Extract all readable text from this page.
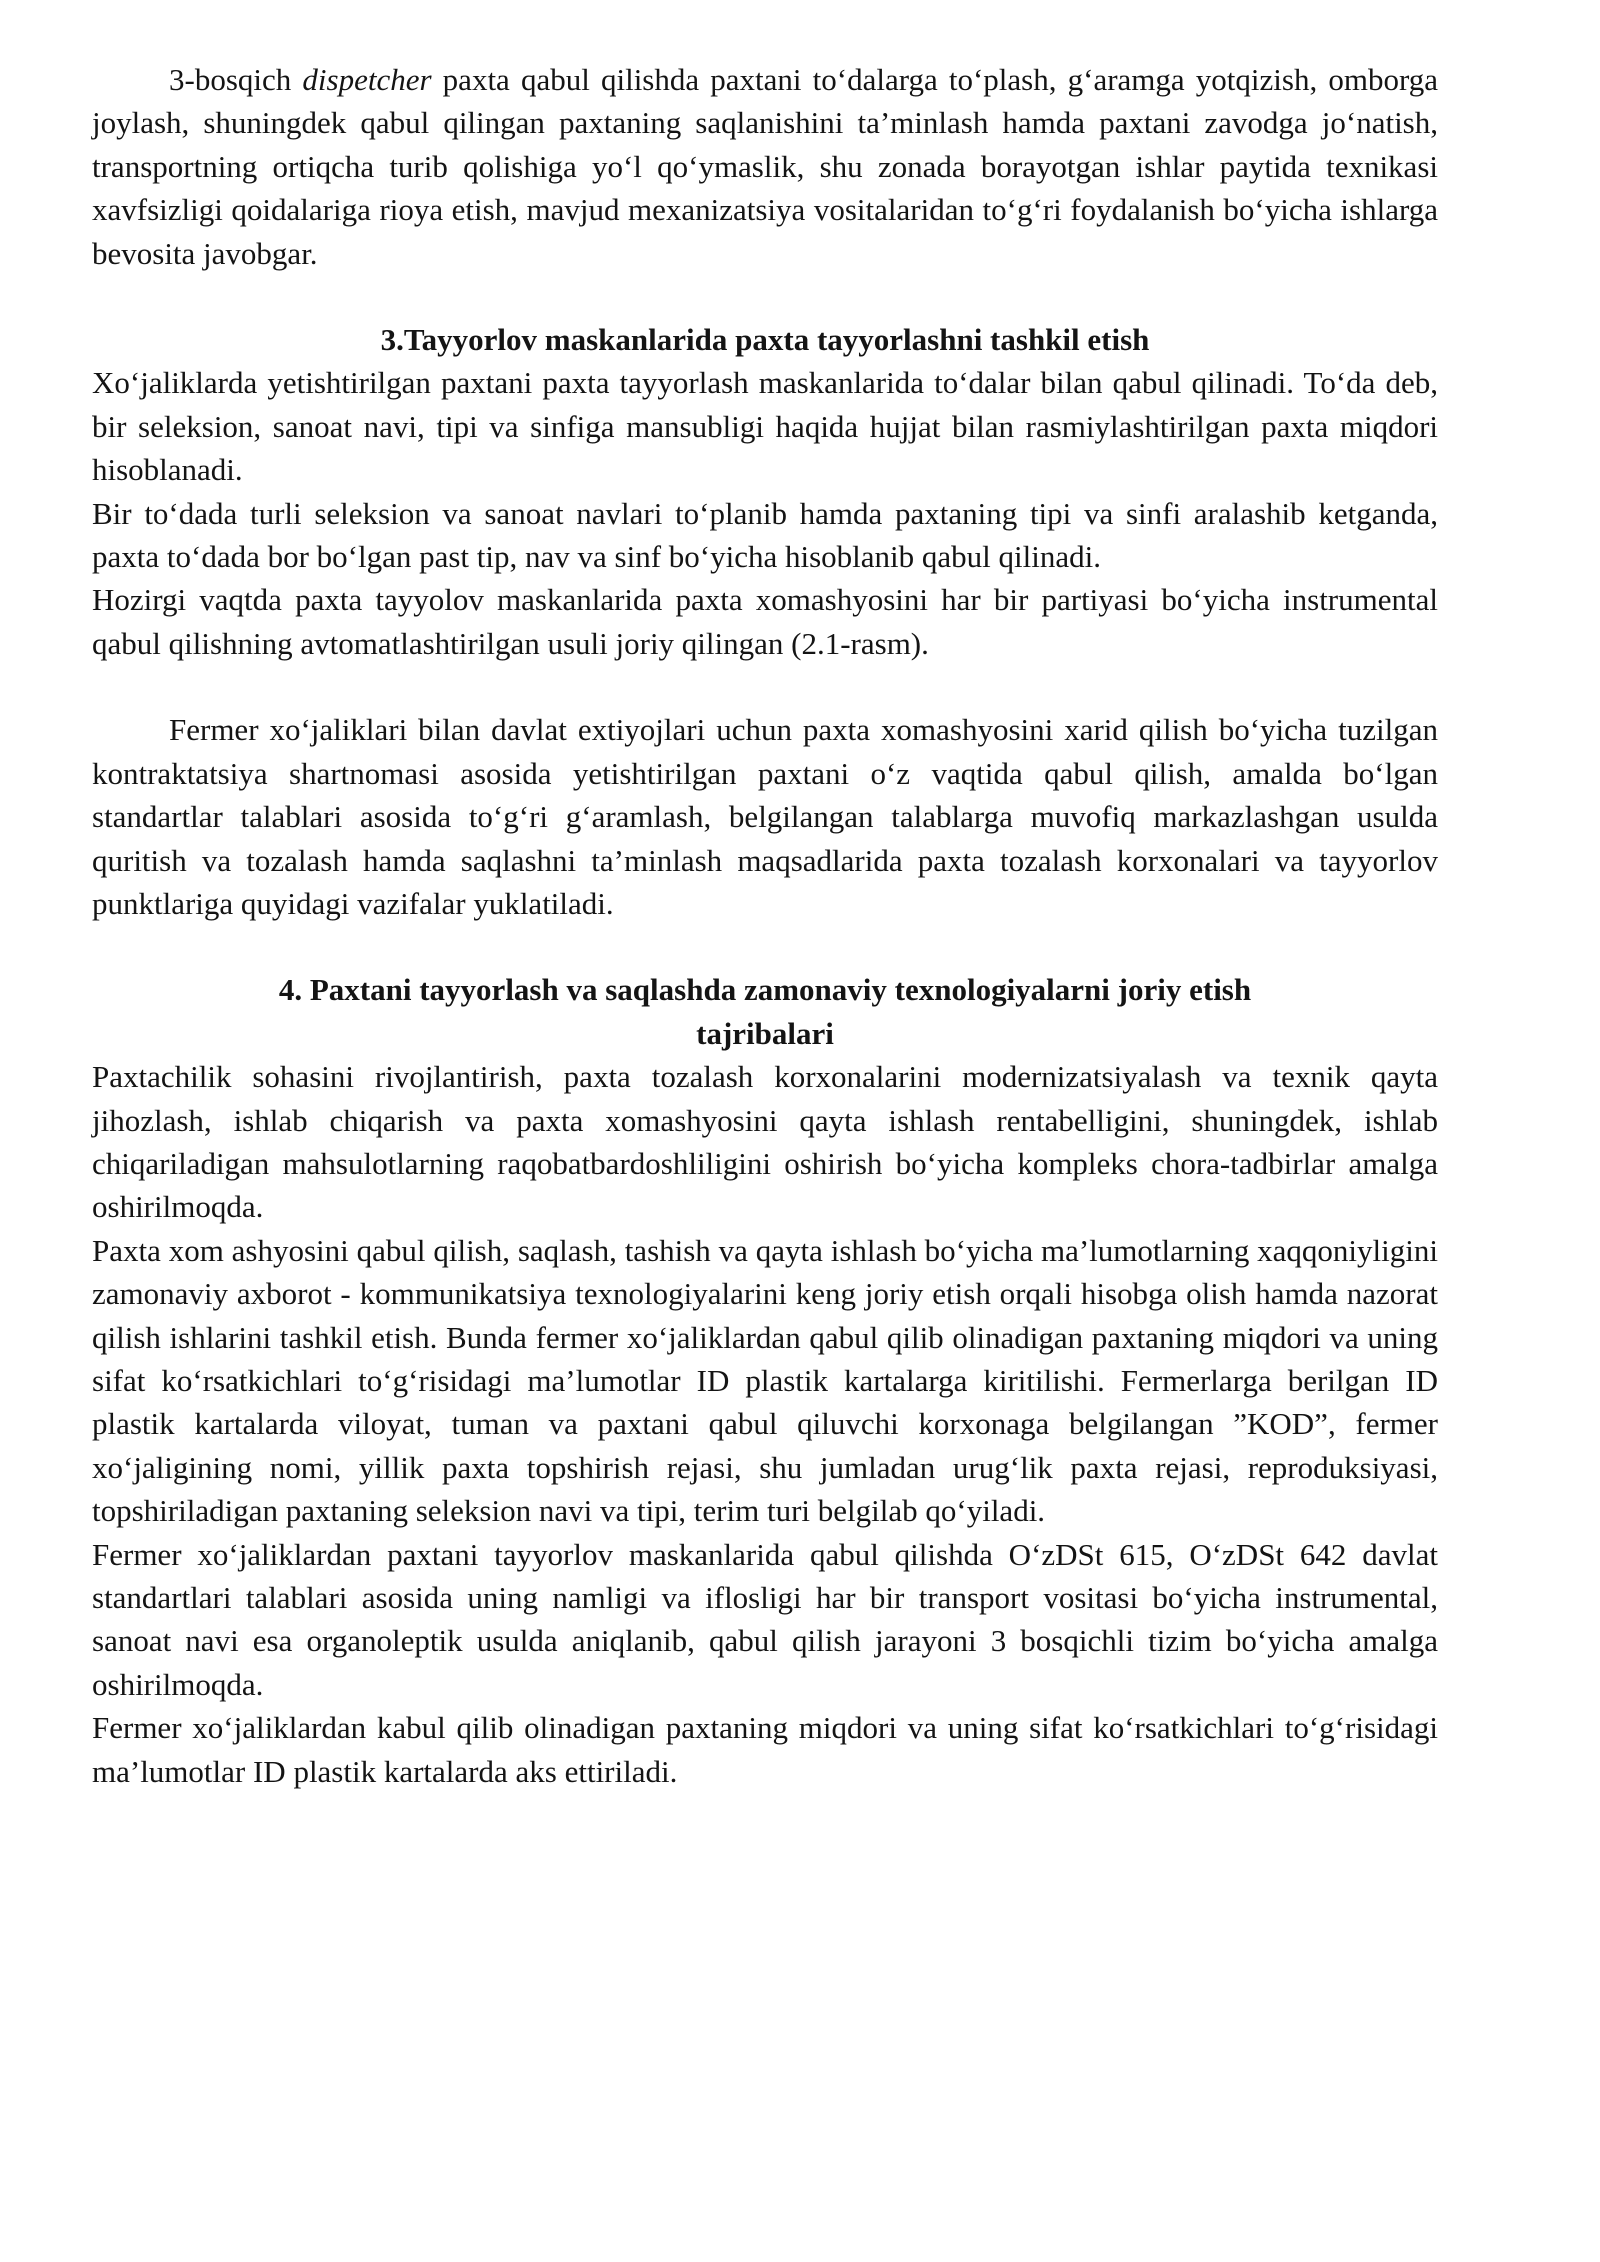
3-bosqich dispetcher paxta qabul qilishda paxtani to‘dalarga to‘plash, g‘aramga yotqizish, omborga joylash, shuningdek qabul qilingan paxtaning saqlanishini ta’minlash hamda paxtani zavodga jo‘natish, transportning ortiqcha turib qolishiga yo‘l qo‘ymaslik, shu zonada borayotgan ishlar paytida texnikasi xavfsizligi qoidalariga rioya etish, mavjud mexanizatsiya vositalaridan to‘g‘ri foydalanish bo‘yicha ishlarga bevosita javobgar.

3.Tayyorlov maskanlarida paxta tayyorlashni tashkil etish

Xo‘jaliklarda yetishtirilgan paxtani paxta tayyorlash maskanlarida to‘dalar bilan qabul qilinadi. To‘da deb, bir seleksion, sanoat navi, tipi va sinfiga mansubligi haqida hujjat bilan rasmiylashtirilgan paxta miqdori hisoblanadi.

Bir to‘dada turli seleksion va sanoat navlari to‘planib hamda paxtaning tipi va sinfi aralashib ketganda, paxta to‘dada bor bo‘lgan past tip, nav va sinf bo‘yicha hisoblanib qabul qilinadi.

Hozirgi vaqtda paxta tayyolov maskanlarida paxta xomashyosini har bir partiyasi bo‘yicha instrumental qabul qilishning avtomatlashtirilgan usuli joriy qilingan (2.1-rasm).

Fermer xo‘jaliklari bilan davlat extiyojlari uchun paxta xomashyosini xarid qilish bo‘yicha tuzilgan kontraktatsiya shartnomasi asosida yetishtirilgan paxtani o‘z vaqtida qabul qilish, amalda bo‘lgan standartlar talablari asosida to‘g‘ri g‘aramlash, belgilangan talablarga muvofiq markazlashgan usulda quritish va tozalash hamda saqlashni ta’minlash maqsadlarida paxta tozalash korxonalari va tayyorlov punktlariga quyidagi vazifalar yuklatiladi.

4. Paxtani tayyorlash va saqlashda zamonaviy texnologiyalarni joriy etish
tajribalari

Paxtachilik sohasini rivojlantirish, paxta tozalash korxonalarini modernizatsiyalash va texnik qayta jihozlash, ishlab chiqarish va paxta xomashyosini qayta ishlash rentabelligini, shuningdek, ishlab chiqariladigan mahsulotlarning raqobatbardoshliligini oshirish bo‘yicha kompleks chora-tadbirlar amalga oshirilmoqda.

Paxta xom ashyosini qabul qilish, saqlash, tashish va qayta ishlash bo‘yicha ma’lumotlarning xaqqoniyligini zamonaviy axborot - kommunikatsiya texnologiyalarini keng joriy etish orqali hisobga olish hamda nazorat qilish ishlarini tashkil etish. Bunda fermer xo‘jaliklardan qabul qilib olinadigan paxtaning miqdori va uning sifat ko‘rsatkichlari to‘g‘risidagi ma’lumotlar ID plastik kartalarga kiritilishi. Fermerlarga berilgan ID plastik kartalarda viloyat, tuman va paxtani qabul qiluvchi korxonaga belgilangan ”KOD”, fermer xo‘jaligining nomi, yillik paxta topshirish rejasi, shu jumladan urug‘lik paxta rejasi, reproduksiyasi, topshiriladigan paxtaning seleksion navi va tipi, terim turi belgilab qo‘yiladi.

Fermer xo‘jaliklardan paxtani tayyorlov maskanlarida qabul qilishda O‘zDSt 615, O‘zDSt 642 davlat standartlari talablari asosida uning namligi va iflosligi har bir transport vositasi bo‘yicha instrumental, sanoat navi esa organoleptik usulda aniqlanib, qabul qilish jarayoni 3 bosqichli tizim bo‘yicha amalga oshirilmoqda.

Fermer xo‘jaliklardan kabul qilib olinadigan paxtaning miqdori va uning sifat ko‘rsatkichlari to‘g‘risidagi ma’lumotlar ID plastik kartalarda aks ettiriladi.
